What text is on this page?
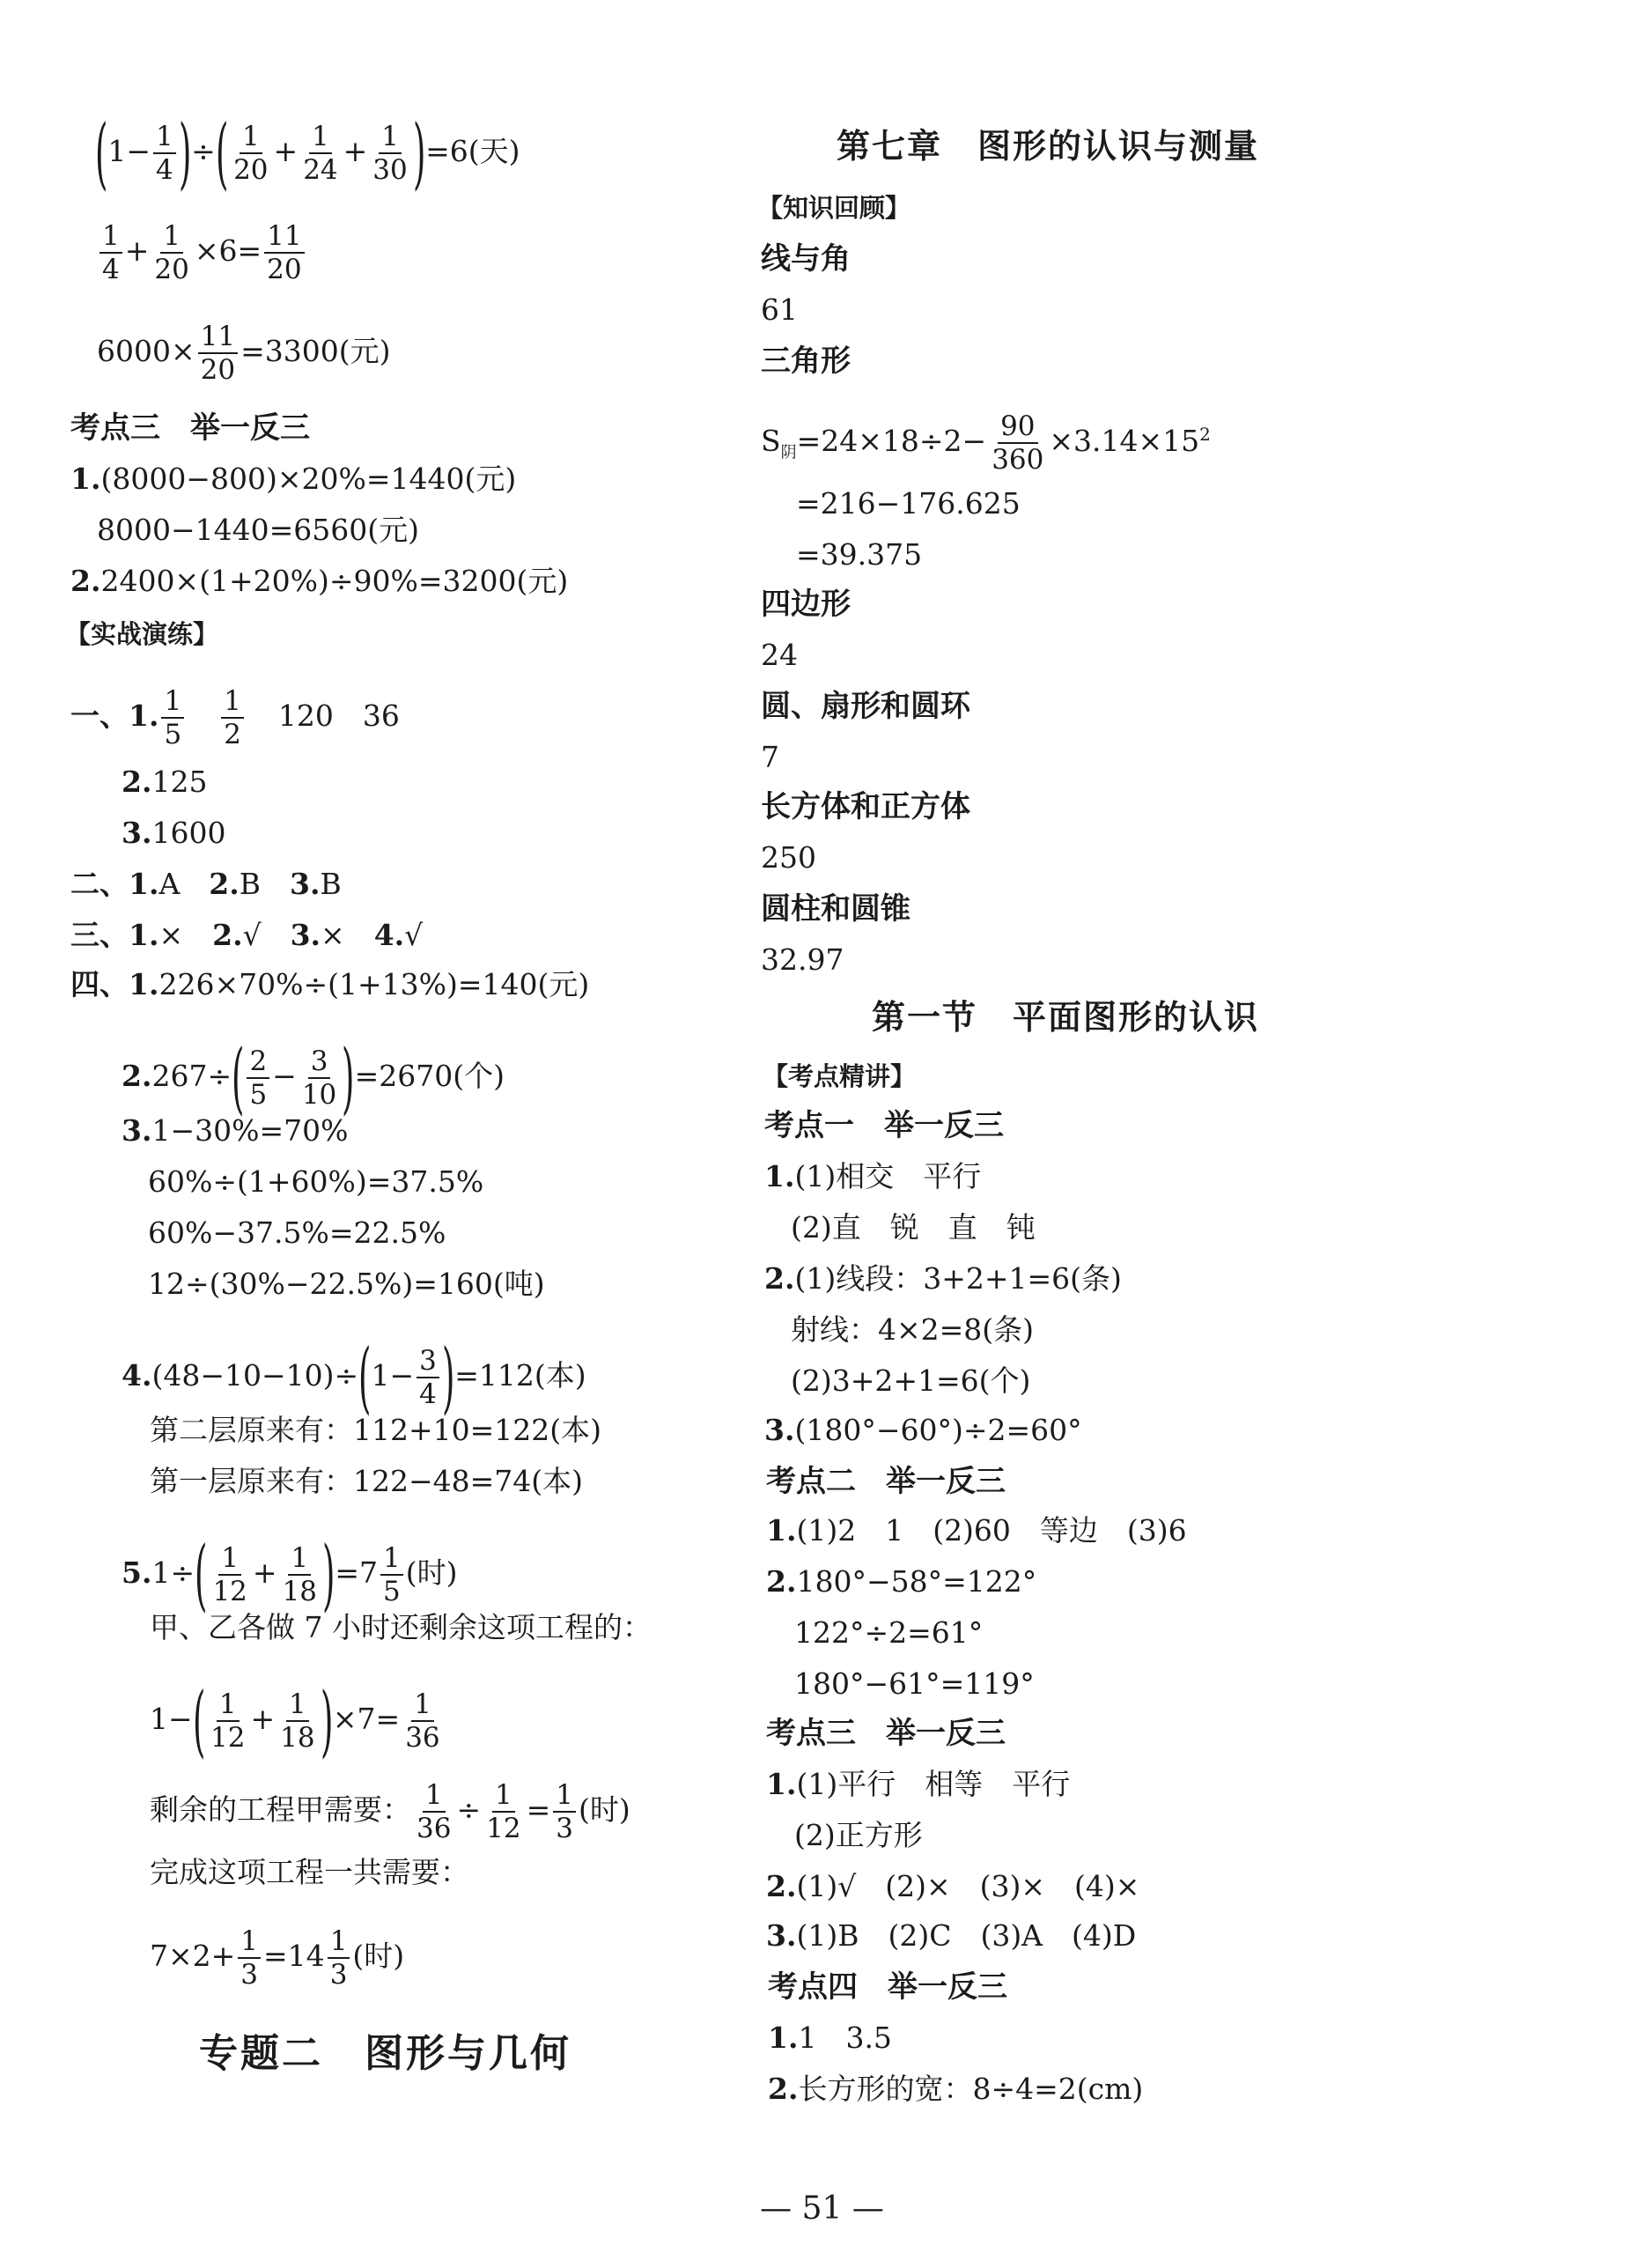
($1- \frac{1}{4}$ )÷( $\frac{1}{20} + \frac{1}{24} + \frac{1}{30} )=6$(天)
$\frac{1}{4} + \frac{1}{20} \times 6= \frac{11}{20}$
$6000\times \frac{11}{20} =3300$(元)
考点三　举一反三
1.(8000−800)×20%=1440(元)
8000−1440=6560(元)
2.2400×(1+20%)÷90%=3200(元)
【实战演练】
一、1. $\frac{1}{5} \frac{1}{2} 120$　36
2.125
3.1600
二、1.A　2.B　3.B
三、1.×　2.√　3.×　4.√
四、1.226×70%÷(1+13%)=140(元)
$2.267\div( \frac{2}{5} - \frac{3}{10} )=2670$(个)
3.1−30%=70%
60%÷(1+60%)=37.5%
60%−37.5%=22.5%
12÷(30%−22.5%)=160(吨)
$4.(48-10-10)\div(1- \frac{3}{4} )=112$(本)
第二层原来有：112+10=122(本)
第一层原来有：122−48=74(本)
$5.1\div( \frac{1}{12} + \frac{1}{18} )=7 \frac{1}{5}$ (时)
甲、乙各做 7 小时还剩余这项工程的：
$1-( \frac{1}{12} + \frac{1}{18} )\times 7= \frac{1}{36}$
剩余的工程甲需要： $\frac{1}{36} \div \frac{1}{12} = \frac{1}{3}$ (时)
完成这项工程一共需要：
$7\times 2+ \frac{1}{3} =14 \frac{1}{3}$ (时)
专题二　图形与几何
第七章　图形的认识与测量
【知识回顾】
线与角
61
三角形
$S_阴=24\times 18\div 2- \frac{90}{360} \times 3.14\times 15^2$
=216−176.625
=39.375
四边形
24
圆、扇形和圆环
7
长方体和正方体
250
圆柱和圆锥
32.97
第一节　平面图形的认识
【考点精讲】
考点一　举一反三
1.(1)相交　平行
(2)直　锐　直　钝
2.(1)线段：3+2+1=6(条)
射线：4×2=8(条)
(2)3+2+1=6(个)
3.(180°−60°)÷2=60°
考点二　举一反三
1.(1)2　1　(2)60　等边　(3)6
2.180°−58°=122°
122°÷2=61°
180°−61°=119°
考点三　举一反三
1.(1)平行　相等　平行
(2)正方形
2.(1)√　(2)×　(3)×　(4)×
3.(1)B　(2)C　(3)A　(4)D
考点四　举一反三
1.1　3.5
2.长方形的宽：8÷4=2(cm)
— 51 —
